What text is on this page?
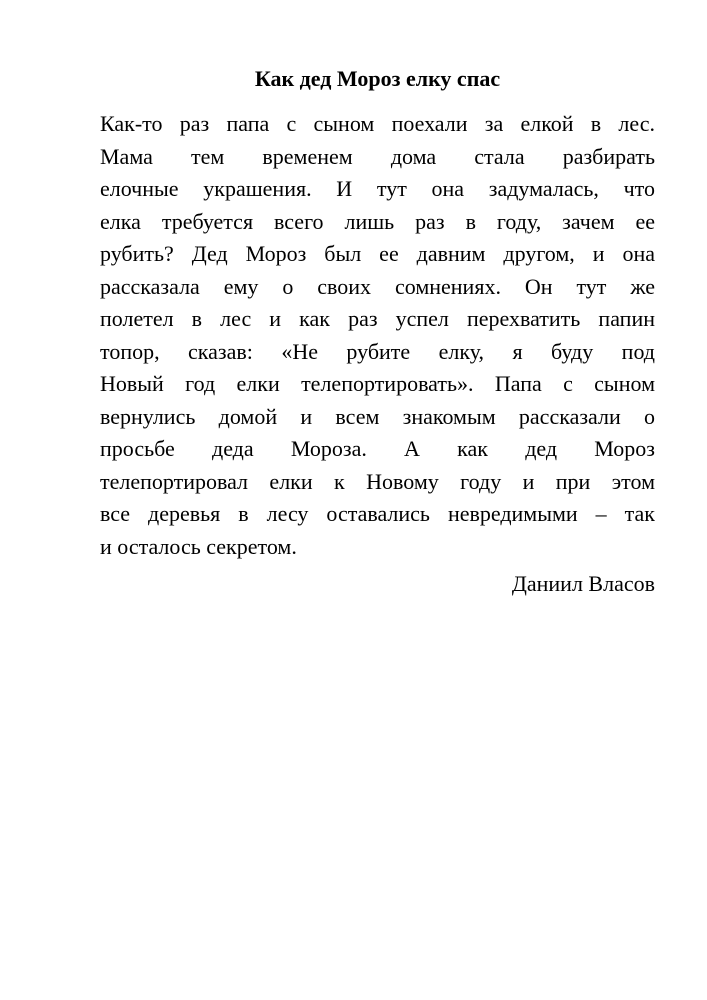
Как дед Мороз елку спас
Как-то раз папа с сыном поехали за елкой в лес.
Мама тем временем дома стала разбирать
елочные украшения. И тут она задумалась, что
елка требуется всего лишь раз в году, зачем ее
рубить? Дед Мороз был ее давним другом, и она
рассказала ему о своих сомнениях. Он тут же
полетел в лес и как раз успел перехватить папин
топор, сказав: «Не рубите елку, я буду под
Новый год елки телепортировать». Папа с сыном
вернулись домой и всем знакомым рассказали о
просьбе деда Мороза. А как дед Мороз
телепортировал елки к Новому году и при этом
все деревья в лесу оставались невредимыми – так
и осталось секретом.
Даниил Власов
